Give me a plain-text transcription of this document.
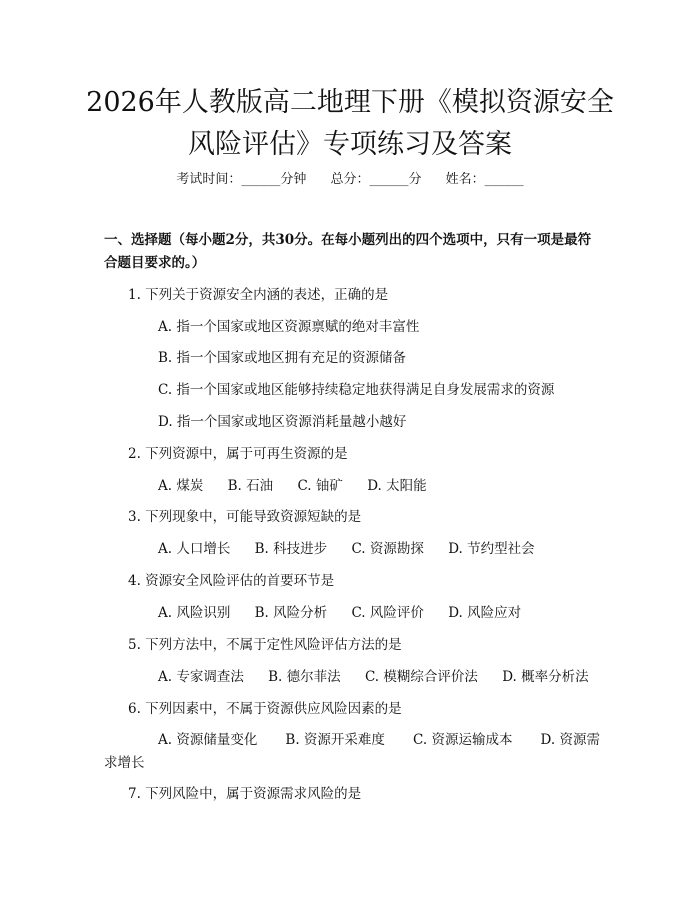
2026年人教版高二地理下册《模拟资源安全
风险评估》专项练习及答案
考试时间：______分钟 总分：______分 姓名：______

一、选择题（每小题2分，共30分。在每小题列出的四个选项中，只有一项是最符合题目要求的。）

1. 下列关于资源安全内涵的表述，正确的是
A. 指一个国家或地区资源禀赋的绝对丰富性
B. 指一个国家或地区拥有充足的资源储备
C. 指一个国家或地区能够持续稳定地获得满足自身发展需求的资源
D. 指一个国家或地区资源消耗量越小越好
2. 下列资源中，属于可再生资源的是
A. 煤炭 B. 石油 C. 铀矿 D. 太阳能
3. 下列现象中，可能导致资源短缺的是
A. 人口增长 B. 科技进步 C. 资源勘探 D. 节约型社会
4. 资源安全风险评估的首要环节是
A. 风险识别 B. 风险分析 C. 风险评价 D. 风险应对
5. 下列方法中，不属于定性风险评估方法的是
A. 专家调查法 B. 德尔菲法 C. 模糊综合评价法 D. 概率分析法
6. 下列因素中，不属于资源供应风险因素的是
A. 资源储量变化 B. 资源开采难度 C. 资源运输成本 D. 资源需
求增长
7. 下列风险中，属于资源需求风险的是
